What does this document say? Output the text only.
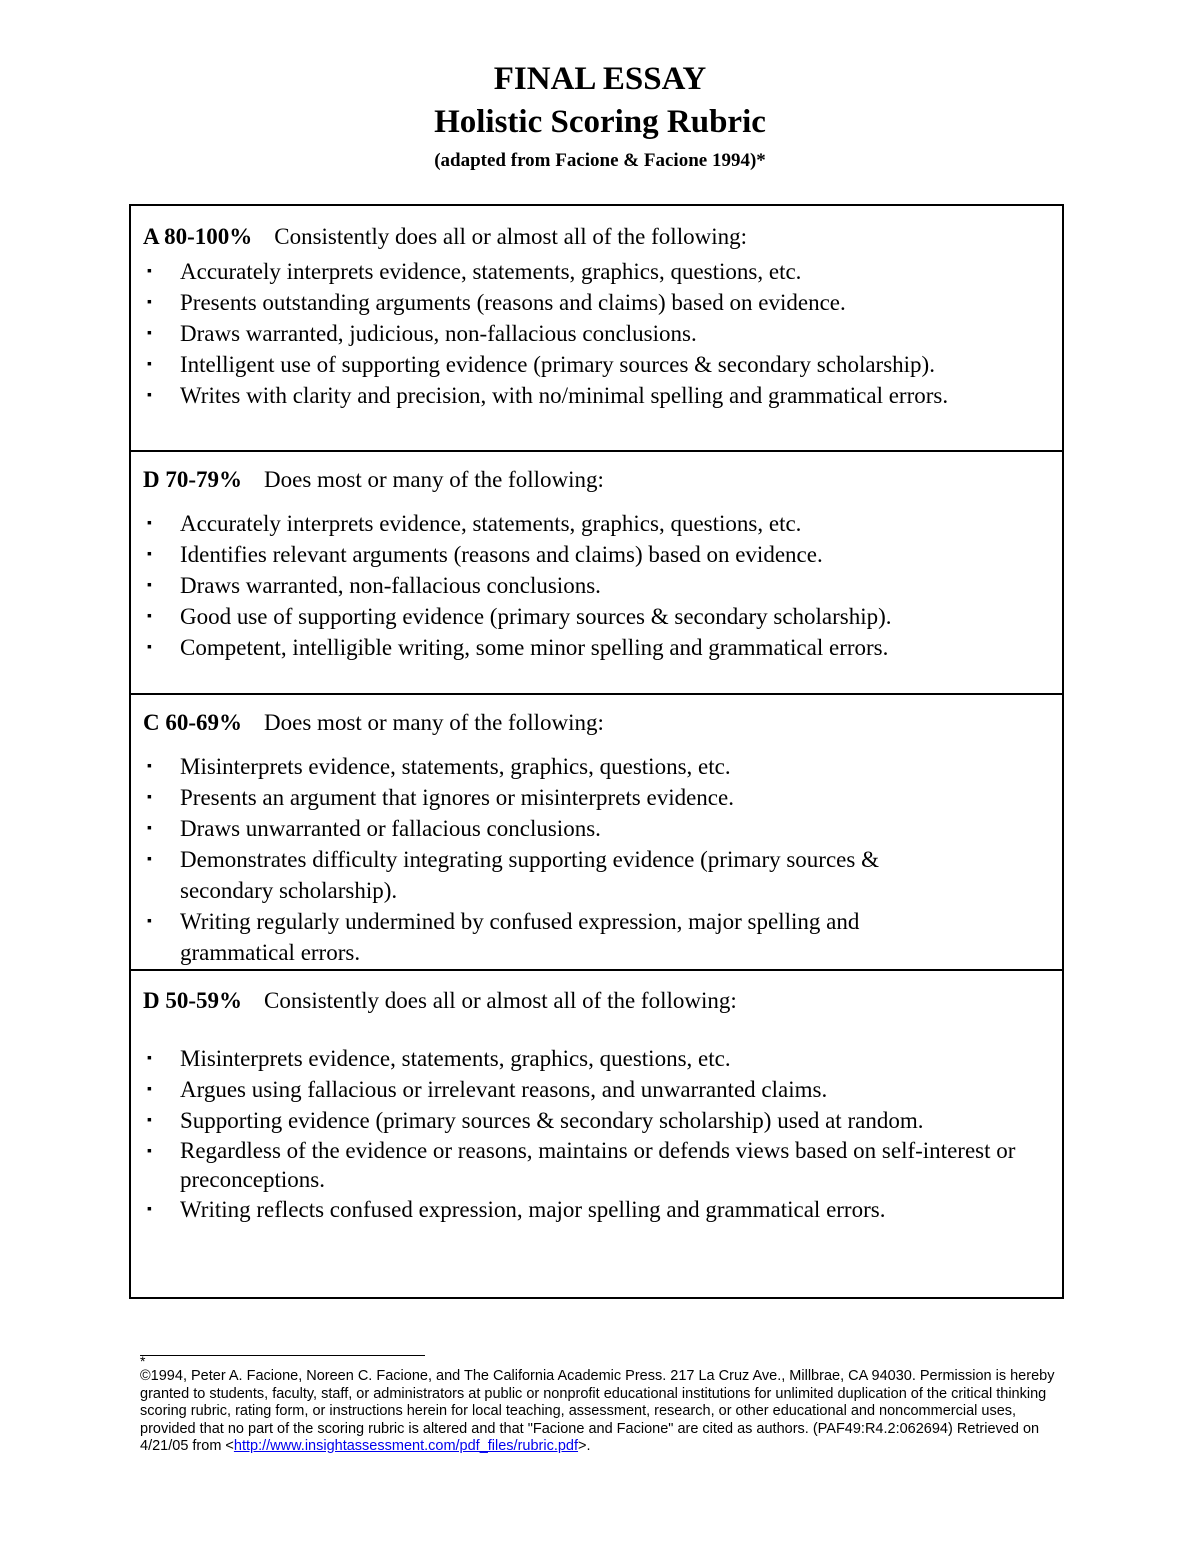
FINAL ESSAY
Holistic Scoring Rubric
(adapted from Facione & Facione 1994)*
A 80-100% Consistently does all or almost all of the following:
▪ Accurately interprets evidence, statements, graphics, questions, etc.
▪ Presents outstanding arguments (reasons and claims) based on evidence.
▪ Draws warranted, judicious, non-fallacious conclusions.
▪ Intelligent use of supporting evidence (primary sources & secondary scholarship).
▪ Writes with clarity and precision, with no/minimal spelling and grammatical errors.
D 70-79% Does most or many of the following:
▪ Accurately interprets evidence, statements, graphics, questions, etc.
▪ Identifies relevant arguments (reasons and claims) based on evidence.
▪ Draws warranted, non-fallacious conclusions.
▪ Good use of supporting evidence (primary sources & secondary scholarship).
▪ Competent, intelligible writing, some minor spelling and grammatical errors.
C 60-69% Does most or many of the following:
▪ Misinterprets evidence, statements, graphics, questions, etc.
▪ Presents an argument that ignores or misinterprets evidence.
▪ Draws unwarranted or fallacious conclusions.
▪ Demonstrates difficulty integrating supporting evidence (primary sources & secondary scholarship).
▪ Writing regularly undermined by confused expression, major spelling and grammatical errors.
D 50-59% Consistently does all or almost all of the following:
▪ Misinterprets evidence, statements, graphics, questions, etc.
▪ Argues using fallacious or irrelevant reasons, and unwarranted claims.
▪ Supporting evidence (primary sources & secondary scholarship) used at random.
▪ Regardless of the evidence or reasons, maintains or defends views based on self-interest or preconceptions.
▪ Writing reflects confused expression, major spelling and grammatical errors.
*
©1994, Peter A. Facione, Noreen C. Facione, and The California Academic Press. 217 La Cruz Ave., Millbrae, CA 94030. Permission is hereby granted to students, faculty, staff, or administrators at public or nonprofit educational institutions for unlimited duplication of the critical thinking scoring rubric, rating form, or instructions herein for local teaching, assessment, research, or other educational and noncommercial uses, provided that no part of the scoring rubric is altered and that "Facione and Facione" are cited as authors. (PAF49:R4.2:062694) Retrieved on 4/21/05 from <http://www.insightassessment.com/pdf_files/rubric.pdf>.
